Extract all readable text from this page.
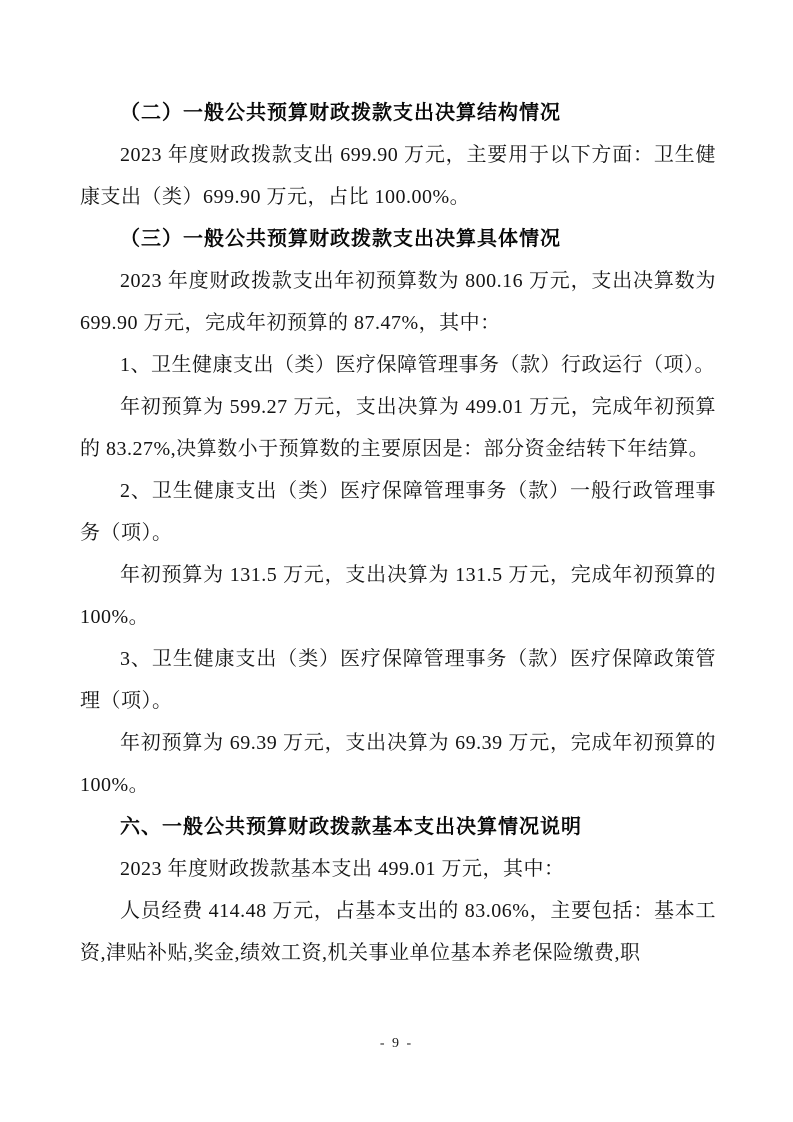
（二）一般公共预算财政拨款支出决算结构情况

2023 年度财政拨款支出 699.90 万元，主要用于以下方面：卫生健康支出（类）699.90 万元，占比 100.00%。

（三）一般公共预算财政拨款支出决算具体情况

2023 年度财政拨款支出年初预算数为 800.16 万元，支出决算数为 699.90 万元，完成年初预算的 87.47%，其中：

1、卫生健康支出（类）医疗保障管理事务（款）行政运行（项）。

年初预算为 599.27 万元，支出决算为 499.01 万元，完成年初预算的 83.27%,决算数小于预算数的主要原因是：部分资金结转下年结算。

2、卫生健康支出（类）医疗保障管理事务（款）一般行政管理事务（项）。

年初预算为 131.5 万元，支出决算为 131.5 万元，完成年初预算的 100%。

3、卫生健康支出（类）医疗保障管理事务（款）医疗保障政策管理（项）。

年初预算为 69.39 万元，支出决算为 69.39 万元，完成年初预算的 100%。

六、一般公共预算财政拨款基本支出决算情况说明

2023 年度财政拨款基本支出 499.01 万元，其中：

人员经费 414.48 万元，占基本支出的 83.06%，主要包括：基本工资,津贴补贴,奖金,绩效工资,机关事业单位基本养老保险缴费,职

- 9 -
